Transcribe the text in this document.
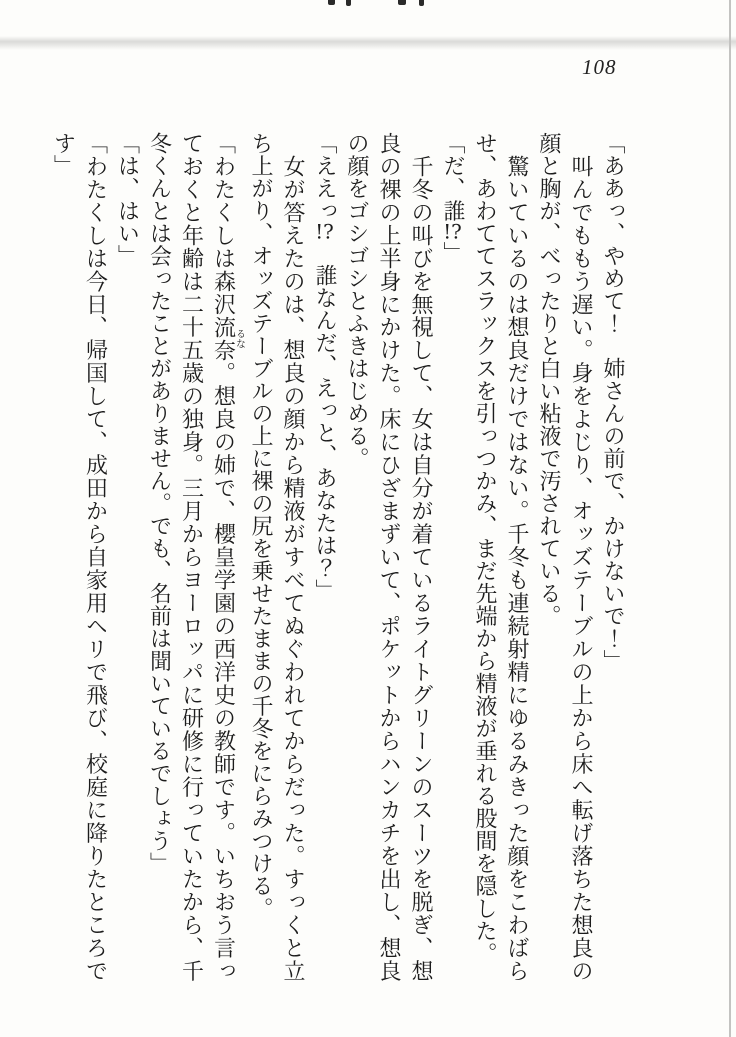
108

「ああっ、やめて！　姉さんの前で、かけないで！」

　叫んでももう遅い。身をよじり、オッズテーブルの上から床へ転げ落ちた想良の顔と胸が、べったりと白い粘液で汚されている。

　驚いているのは想良だけではない。千冬も連続射精にゆるみきった顔をこわばらせ、あわててスラックスを引っつかみ、まだ先端から精液が垂れる股間を隠した。

「だ、誰!?」

　千冬の叫びを無視して、女は自分が着ているライトグリーンのスーツを脱ぎ、想良の裸の上半身にかけた。床にひざまずいて、ポケットからハンカチを出し、想良の顔をゴシゴシとふきはじめる。

「ええっ!?　誰なんだ、えっと、あなたは？」

　女が答えたのは、想良の顔から精液がすべてぬぐわれてからだった。すっくと立ち上がり、オッズテーブルの上に裸の尻を乗せたままの千冬をにらみつける。

「わたくしは森沢流奈るな。想良の姉で、櫻皇学園の西洋史の教師です。いちおう言っておくと年齢は二十五歳の独身。三月からヨーロッパに研修に行っていたから、千冬くんとは会ったことがありません。でも、名前は聞いているでしょう」

「は、はい」

「わたくしは今日、帰国して、成田から自家用ヘリで飛び、校庭に降りたところです」
